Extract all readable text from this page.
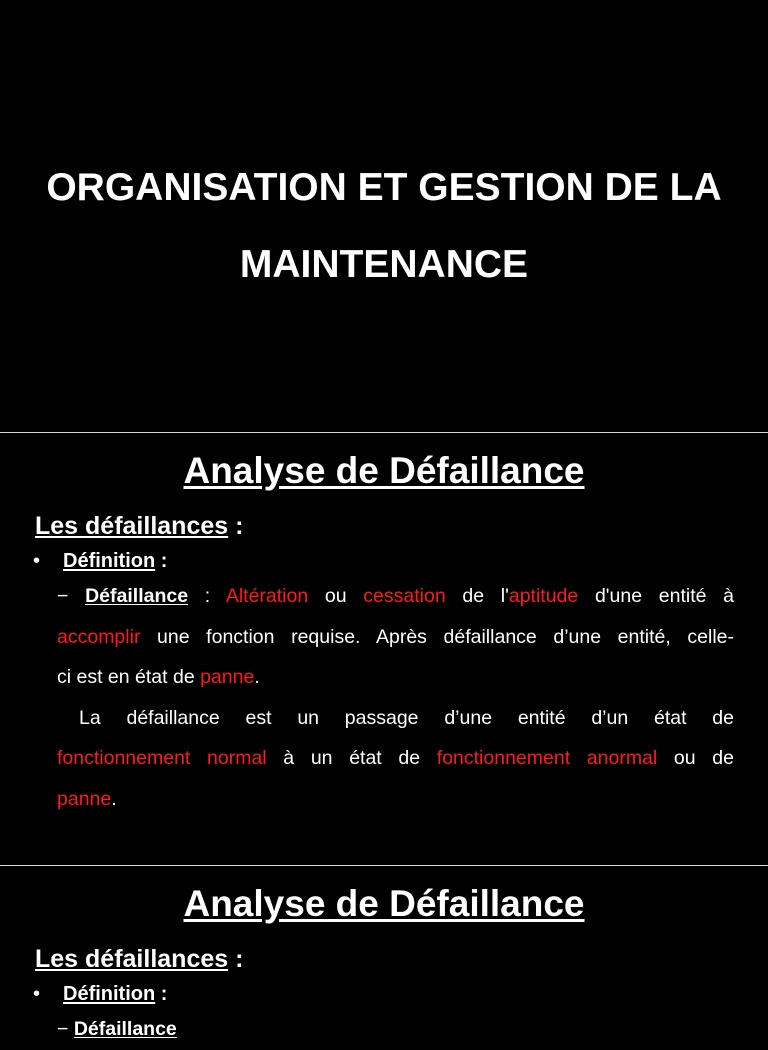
ORGANISATION ET GESTION DE LA
MAINTENANCE
Analyse de Défaillance
Les défaillances :
• Définition :
− Défaillance : Altération ou cessation de l'aptitude d'une entité à
accomplir une fonction requise. Après défaillance d’une entité, celle-
ci est en état de panne.
La défaillance est un passage d’une entité d’un état de
fonctionnement normal à un état de fonctionnement anormal ou de
panne.
Analyse de Défaillance
Les défaillances :
• Définition :
− Défaillance
